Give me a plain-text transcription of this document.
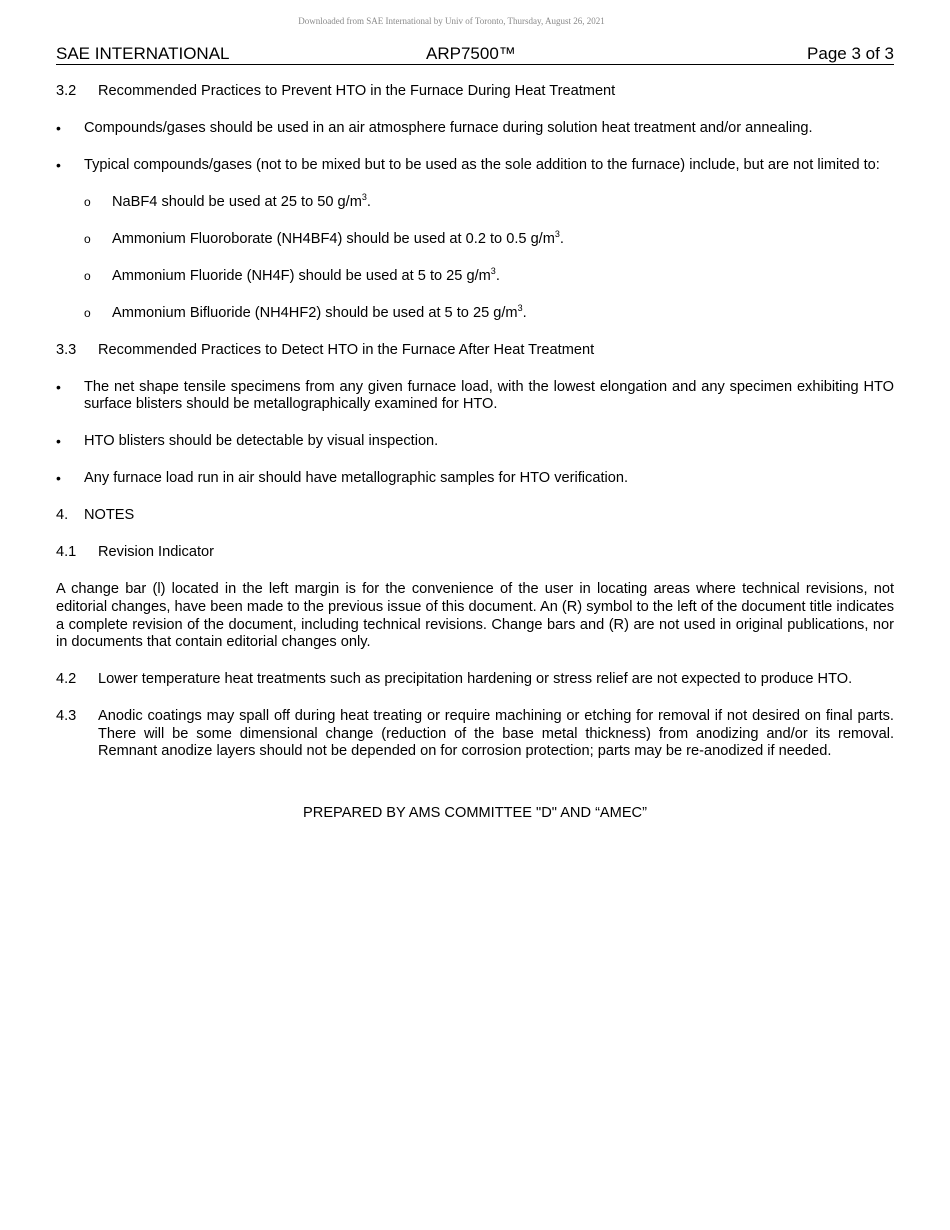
Downloaded from SAE International by Univ of Toronto, Thursday, August 26, 2021
SAE INTERNATIONAL	ARP7500™	Page 3 of 3
3.2	Recommended Practices to Prevent HTO in the Furnace During Heat Treatment
•	Compounds/gases should be used in an air atmosphere furnace during solution heat treatment and/or annealing.
•	Typical compounds/gases (not to be mixed but to be used as the sole addition to the furnace) include, but are not limited to:
o	NaBF4 should be used at 25 to 50 $g/m^3$.
o	Ammonium Fluoroborate (NH4BF4) should be used at 0.2 to 0.5 $g/m^3$.
o	Ammonium Fluoride (NH4F) should be used at 5 to 25 $g/m^3$.
o	Ammonium Bifluoride (NH4HF2) should be used at 5 to 25 $g/m^3$.
3.3	Recommended Practices to Detect HTO in the Furnace After Heat Treatment
•	The net shape tensile specimens from any given furnace load, with the lowest elongation and any specimen exhibiting HTO surface blisters should be metallographically examined for HTO.
•	HTO blisters should be detectable by visual inspection.
•	Any furnace load run in air should have metallographic samples for HTO verification.
4.	NOTES
4.1	Revision Indicator
A change bar (l) located in the left margin is for the convenience of the user in locating areas where technical revisions, not editorial changes, have been made to the previous issue of this document. An (R) symbol to the left of the document title indicates a complete revision of the document, including technical revisions. Change bars and (R) are not used in original publications, nor in documents that contain editorial changes only.
4.2	Lower temperature heat treatments such as precipitation hardening or stress relief are not expected to produce HTO.
4.3	Anodic coatings may spall off during heat treating or require machining or etching for removal if not desired on final parts. There will be some dimensional change (reduction of the base metal thickness) from anodizing and/or its removal. Remnant anodize layers should not be depended on for corrosion protection; parts may be re-anodized if needed.
PREPARED BY AMS COMMITTEE "D" AND “AMEC”
